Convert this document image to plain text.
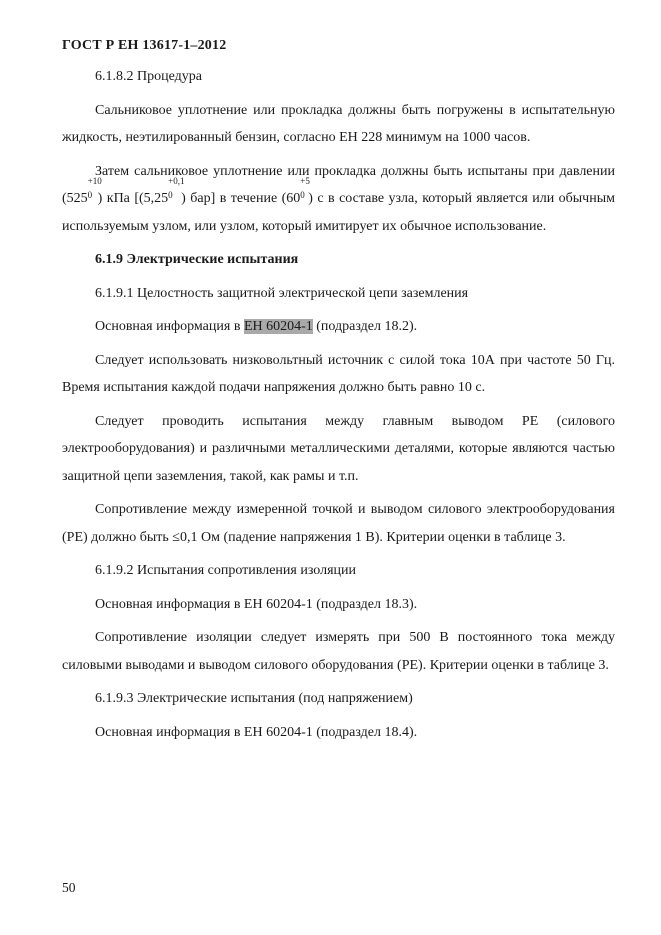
ГОСТ Р ЕН 13617-1–2012

6.1.8.2 Процедура

Сальниковое уплотнение или прокладка должны быть погружены в испытательную жидкость, неэтилированный бензин, согласно ЕН 228 минимум на 1000 часов.

Затем сальниковое уплотнение или прокладка должны быть испытаны при давлении (525
+10
0 ) кПа [(5,25
+0,1
0 ) бар] в течение (60
+5
0 ) с в составе узла, который является или обычным используемым узлом, или узлом, который имитирует их обычное использование.

6.1.9 Электрические испытания

6.1.9.1 Целостность защитной электрической цепи заземления

Основная информация в ЕН 60204-1 (подраздел 18.2).

Следует использовать низковольтный источник с силой тока 10А при частоте 50 Гц. Время испытания каждой подачи напряжения должно быть равно 10 с.

Следует проводить испытания между главным выводом РЕ (силового электрооборудования) и различными металлическими деталями, которые являются частью защитной цепи заземления, такой, как рамы и т.п.

Сопротивление между измеренной точкой и выводом силового электрооборудования (РЕ) должно быть ≤0,1 Ом (падение напряжения 1 В). Критерии оценки в таблице 3.

6.1.9.2 Испытания сопротивления изоляции

Основная информация в ЕН 60204-1 (подраздел 18.3).

Сопротивление изоляции следует измерять при 500 В постоянного тока между силовыми выводами и выводом силового оборудования (РЕ). Критерии оценки в таблице 3.

6.1.9.3 Электрические испытания (под напряжением)

Основная информация в ЕН 60204-1 (подраздел 18.4).

50
